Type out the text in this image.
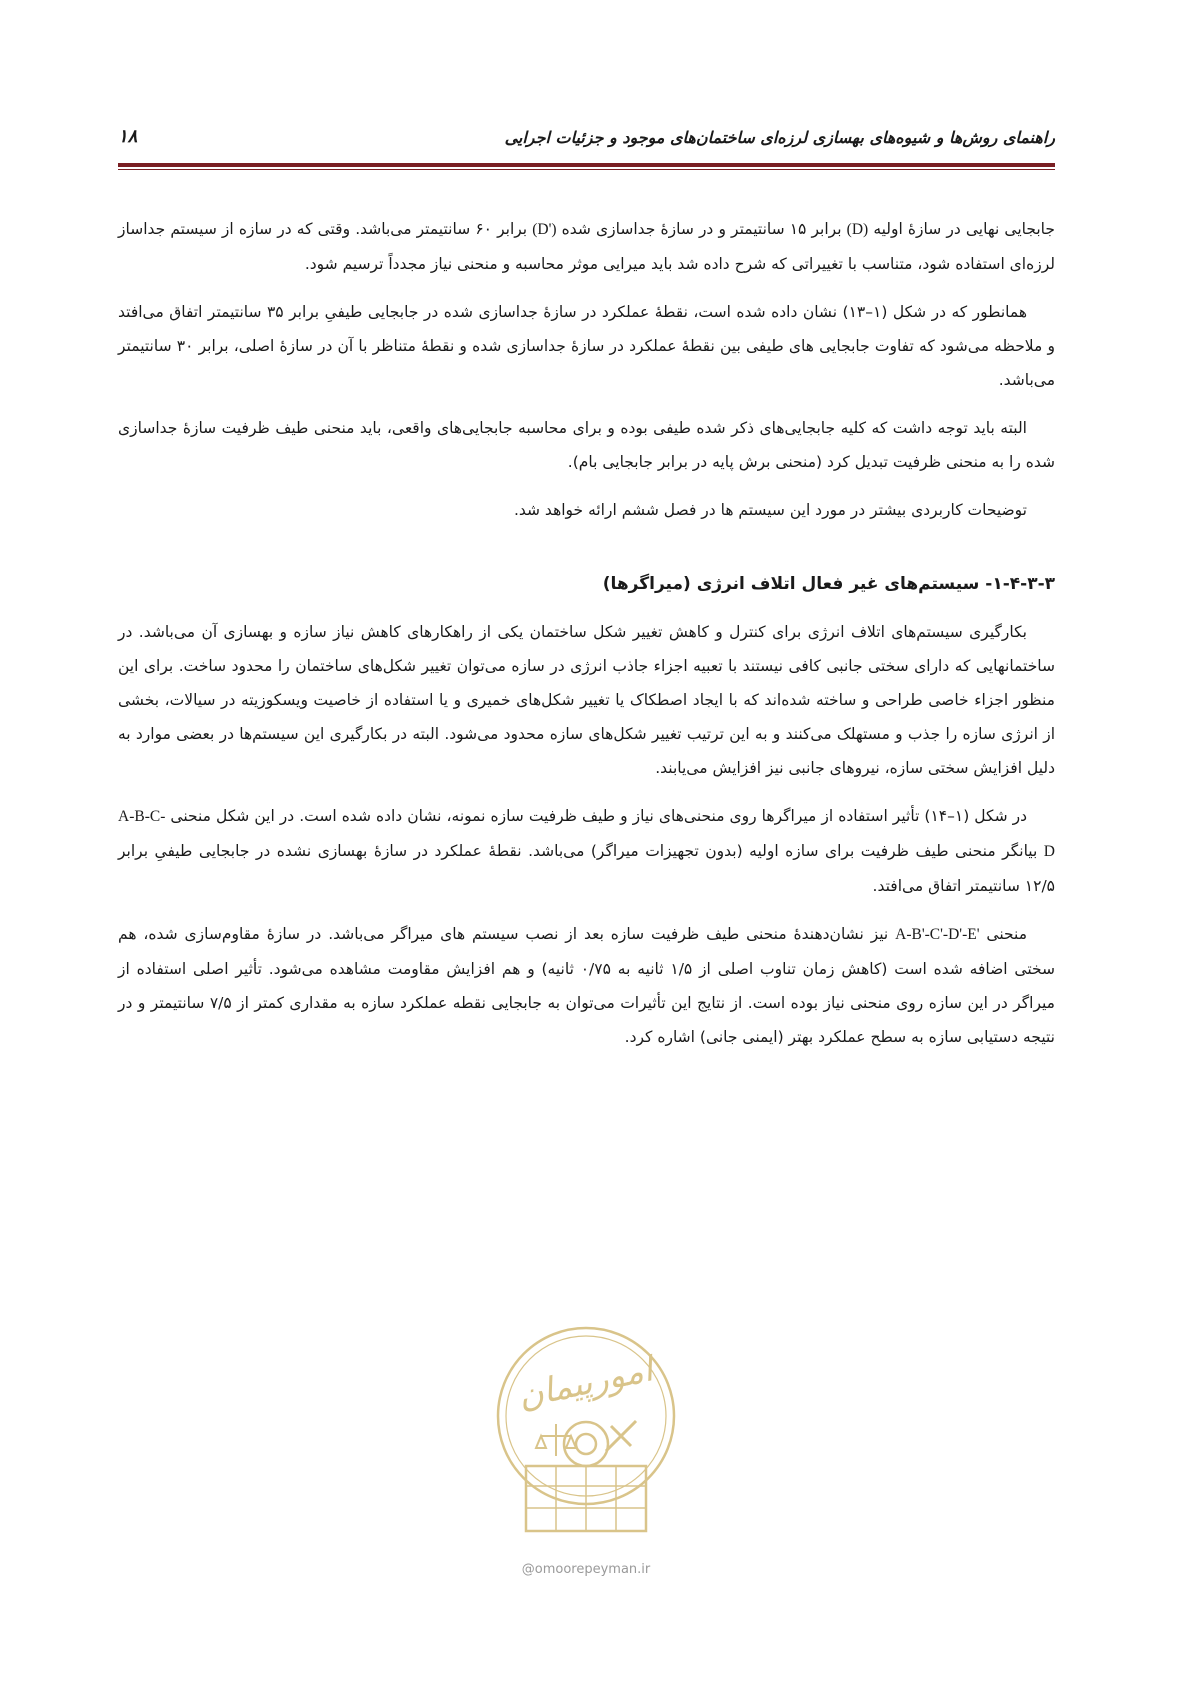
راهنمای روش‌ها و شیوه‌های بهسازی لرزه‌ای ساختمان‌های موجود و جزئیات اجرایی
۱۸

جابجایی نهایی در سازهٔ اولیه (D) برابر ۱۵ سانتیمتر و در سازهٔ جداسازی شده (D') برابر ۶۰ سانتیمتر می‌باشد. وقتی که در سازه از سیستم جداساز لرزه‌ای استفاده شود، متناسب با تغییراتی که شرح داده شد باید میرایی موثر محاسبه و منحنی نیاز مجدداً ترسیم شود.

همانطور که در شکل (۱–۱۳) نشان داده شده است، نقطهٔ عملکرد در سازهٔ جداسازی شده در جابجایی طیفیِ برابر ۳۵ سانتیمتر اتفاق می‌افتد و ملاحظه می‌شود که تفاوت جابجایی های طیفی بین نقطهٔ عملکرد در سازهٔ جداسازی شده و نقطهٔ متناظر با آن در سازهٔ اصلی، برابر ۳۰ سانتیمتر می‌باشد.

البته باید توجه داشت که کلیه جابجایی‌های ذکر شده طیفی بوده و برای محاسبه جابجایی‌های واقعی، باید منحنی طیف ظرفیت سازهٔ جداسازی شده را به منحنی ظرفیت تبدیل کرد (منحنی برش پایه در برابر جابجایی بام).

توضیحات کاربردی بیشتر در مورد این سیستم ها در فصل ششم ارائه خواهد شد.

۱-۴-۳-۳- سیستم‌های غیر فعال اتلاف انرژی (میراگرها)

بکارگیری سیستم‌های اتلاف انرژی برای کنترل و کاهش تغییر شکل ساختمان یکی از راهکارهای کاهش نیاز سازه و بهسازی آن می‌باشد. در ساختمانهایی که دارای سختی جانبی کافی نیستند با تعبیه اجزاء جاذب انرژی در سازه می‌توان تغییر شکل‌های ساختمان را محدود ساخت. برای این منظور اجزاء خاصی طراحی و ساخته شده‌اند که با ایجاد اصطکاک یا تغییر شکل‌های خمیری و یا استفاده از خاصیت ویسکوزیته در سیالات، بخشی از انرژی سازه را جذب و مستهلک می‌کنند و به این ترتیب تغییر شکل‌های سازه محدود می‌شود. البته در بکارگیری این سیستم‌ها در بعضی موارد به دلیل افزایش سختی سازه، نیروهای جانبی نیز افزایش می‌یابند.

در شکل (۱–۱۴) تأثیر استفاده از میراگرها روی منحنی‌های نیاز و طیف ظرفیت سازه نمونه، نشان داده شده است. در این شکل منحنی A-B-C-D بیانگر منحنی طیف ظرفیت برای سازه اولیه (بدون تجهیزات میراگر) می‌باشد. نقطهٔ عملکرد در سازهٔ بهسازی نشده در جابجایی طیفیِ برابر ۱۲/۵ سانتیمتر اتفاق می‌افتد.

منحنی A-B'-C'-D'-E' نیز نشان‌دهندهٔ منحنی طیف ظرفیت سازه بعد از نصب سیستم های میراگر می‌باشد. در سازهٔ مقاوم‌سازی شده، هم سختی اضافه شده است (کاهش زمان تناوب اصلی از ۱/۵ ثانیه به ۰/۷۵ ثانیه) و هم افزایش مقاومت مشاهده می‌شود. تأثیر اصلی استفاده از میراگر در این سازه روی منحنی نیاز بوده است. از نتایج این تأثیرات می‌توان به جابجایی نقطه عملکرد سازه به مقداری کمتر از ۷/۵ سانتیمتر و در نتیجه دستیابی سازه به سطح عملکرد بهتر (ایمنی جانی) اشاره کرد.

امورپیمان
@omoorepeyman.ir
